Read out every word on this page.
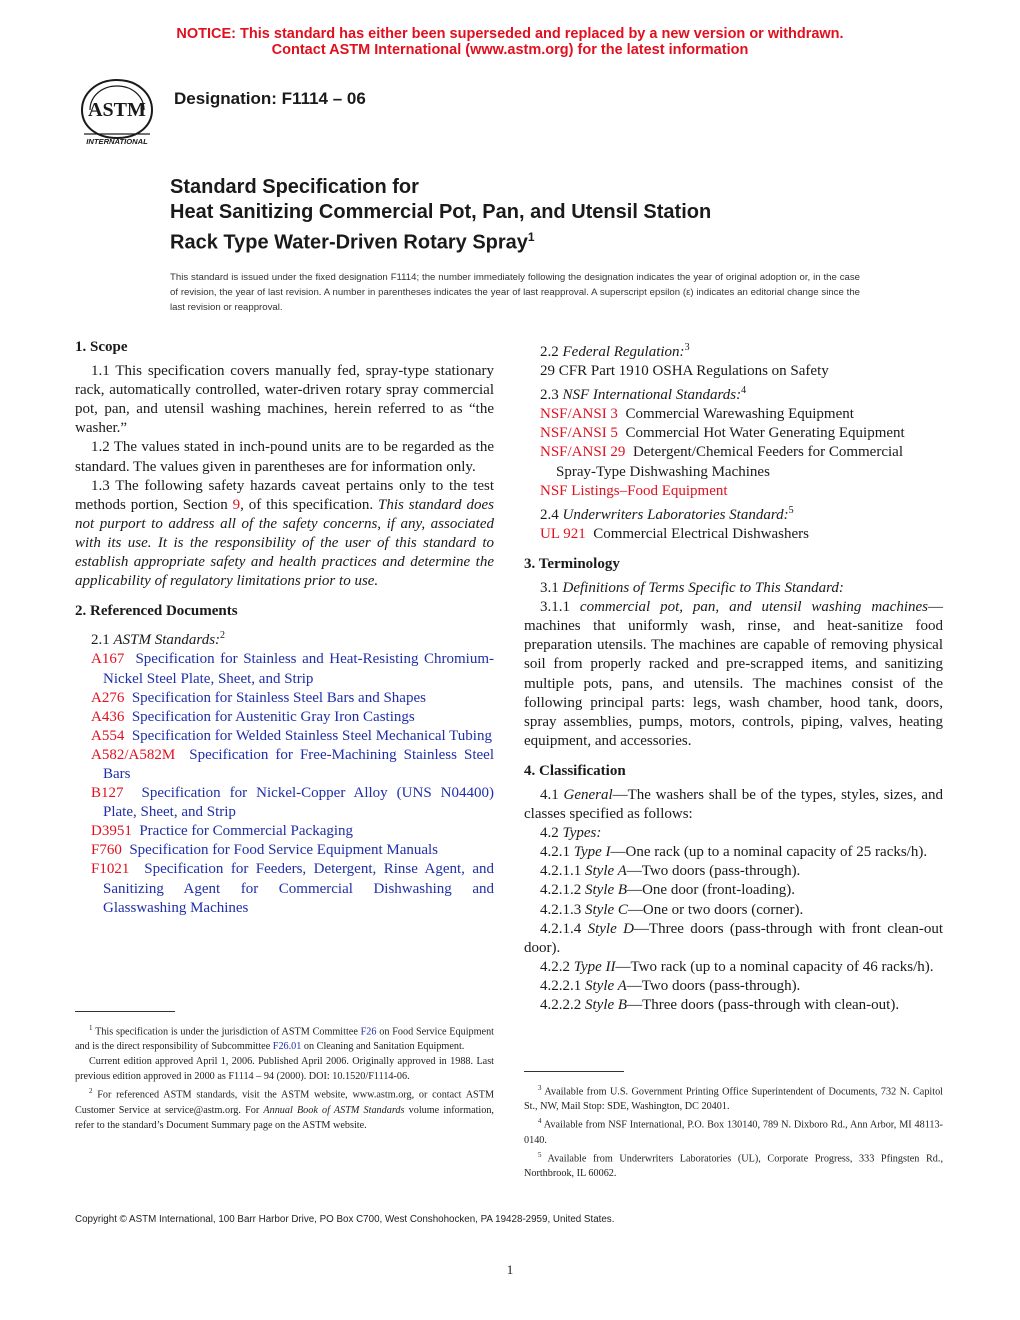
NOTICE: This standard has either been superseded and replaced by a new version or withdrawn.
Contact ASTM International (www.astm.org) for the latest information
ASTM
INTERNATIONAL
Designation: F1114 – 06
Standard Specification for
Heat Sanitizing Commercial Pot, Pan, and Utensil Station
Rack Type Water-Driven Rotary Spray$^1$
This standard is issued under the fixed designation F1114; the number immediately following the designation indicates the year of original adoption or, in the case of revision, the year of last revision. A number in parentheses indicates the year of last reapproval. A superscript epsilon (ε) indicates an editorial change since the last revision or reapproval.

1. Scope

1.1 This specification covers manually fed, spray-type stationary rack, automatically controlled, water-driven rotary spray commercial pot, pan, and utensil washing machines, herein referred to as “the washer.”

1.2 The values stated in inch-pound units are to be regarded as the standard. The values given in parentheses are for information only.

1.3 The following safety hazards caveat pertains only to the test methods portion, Section 9, of this specification. This standard does not purport to address all of the safety concerns, if any, associated with its use. It is the responsibility of the user of this standard to establish appropriate safety and health practices and determine the applicability of regulatory limitations prior to use.

2. Referenced Documents

2.1 ASTM Standards:$^2$

A167 Specification for Stainless and Heat-Resisting Chromium-Nickel Steel Plate, Sheet, and Strip

A276 Specification for Stainless Steel Bars and Shapes

A436 Specification for Austenitic Gray Iron Castings

A554 Specification for Welded Stainless Steel Mechanical Tubing

A582/A582M Specification for Free-Machining Stainless Steel Bars

B127 Specification for Nickel-Copper Alloy (UNS N04400) Plate, Sheet, and Strip

D3951 Practice for Commercial Packaging

F760 Specification for Food Service Equipment Manuals

F1021 Specification for Feeders, Detergent, Rinse Agent, and Sanitizing Agent for Commercial Dishwashing and Glasswashing Machines

2.2 Federal Regulation:$^3$

29 CFR Part 1910 OSHA Regulations on Safety

2.3 NSF International Standards:$^4$

NSF/ANSI 3 Commercial Warewashing Equipment

NSF/ANSI 5 Commercial Hot Water Generating Equipment

NSF/ANSI 29 Detergent/Chemical Feeders for Commercial Spray-Type Dishwashing Machines

NSF Listings–Food Equipment

2.4 Underwriters Laboratories Standard:$^5$

UL 921 Commercial Electrical Dishwashers

3. Terminology

3.1 Definitions of Terms Specific to This Standard:

3.1.1 commercial pot, pan, and utensil washing machines—machines that uniformly wash, rinse, and heat-sanitize food preparation utensils. The machines are capable of removing physical soil from properly racked and pre-scrapped items, and sanitizing multiple pots, pans, and utensils. The machines consist of the following principal parts: legs, wash chamber, hood tank, doors, spray assemblies, pumps, motors, controls, piping, valves, heating equipment, and accessories.

4. Classification

4.1 General—The washers shall be of the types, styles, sizes, and classes specified as follows:

4.2 Types:

4.2.1 Type I—One rack (up to a nominal capacity of 25 racks/h).

4.2.1.1 Style A—Two doors (pass-through).

4.2.1.2 Style B—One door (front-loading).

4.2.1.3 Style C—One or two doors (corner).

4.2.1.4 Style D—Three doors (pass-through with front clean-out door).

4.2.2 Type II—Two rack (up to a nominal capacity of 46 racks/h).

4.2.2.1 Style A—Two doors (pass-through).

4.2.2.2 Style B—Three doors (pass-through with clean-out).

$^1$ This specification is under the jurisdiction of ASTM Committee F26 on Food Service Equipment and is the direct responsibility of Subcommittee F26.01 on Cleaning and Sanitation Equipment.

Current edition approved April 1, 2006. Published April 2006. Originally approved in 1988. Last previous edition approved in 2000 as F1114 – 94 (2000). DOI: 10.1520/F1114-06.

$^2$ For referenced ASTM standards, visit the ASTM website, www.astm.org, or contact ASTM Customer Service at service@astm.org. For Annual Book of ASTM Standards volume information, refer to the standard’s Document Summary page on the ASTM website.

$^3$ Available from U.S. Government Printing Office Superintendent of Documents, 732 N. Capitol St., NW, Mail Stop: SDE, Washington, DC 20401.

$^4$ Available from NSF International, P.O. Box 130140, 789 N. Dixboro Rd., Ann Arbor, MI 48113-0140.

$^5$ Available from Underwriters Laboratories (UL), Corporate Progress, 333 Pfingsten Rd., Northbrook, IL 60062.

Copyright © ASTM International, 100 Barr Harbor Drive, PO Box C700, West Conshohocken, PA 19428-2959, United States.
1
